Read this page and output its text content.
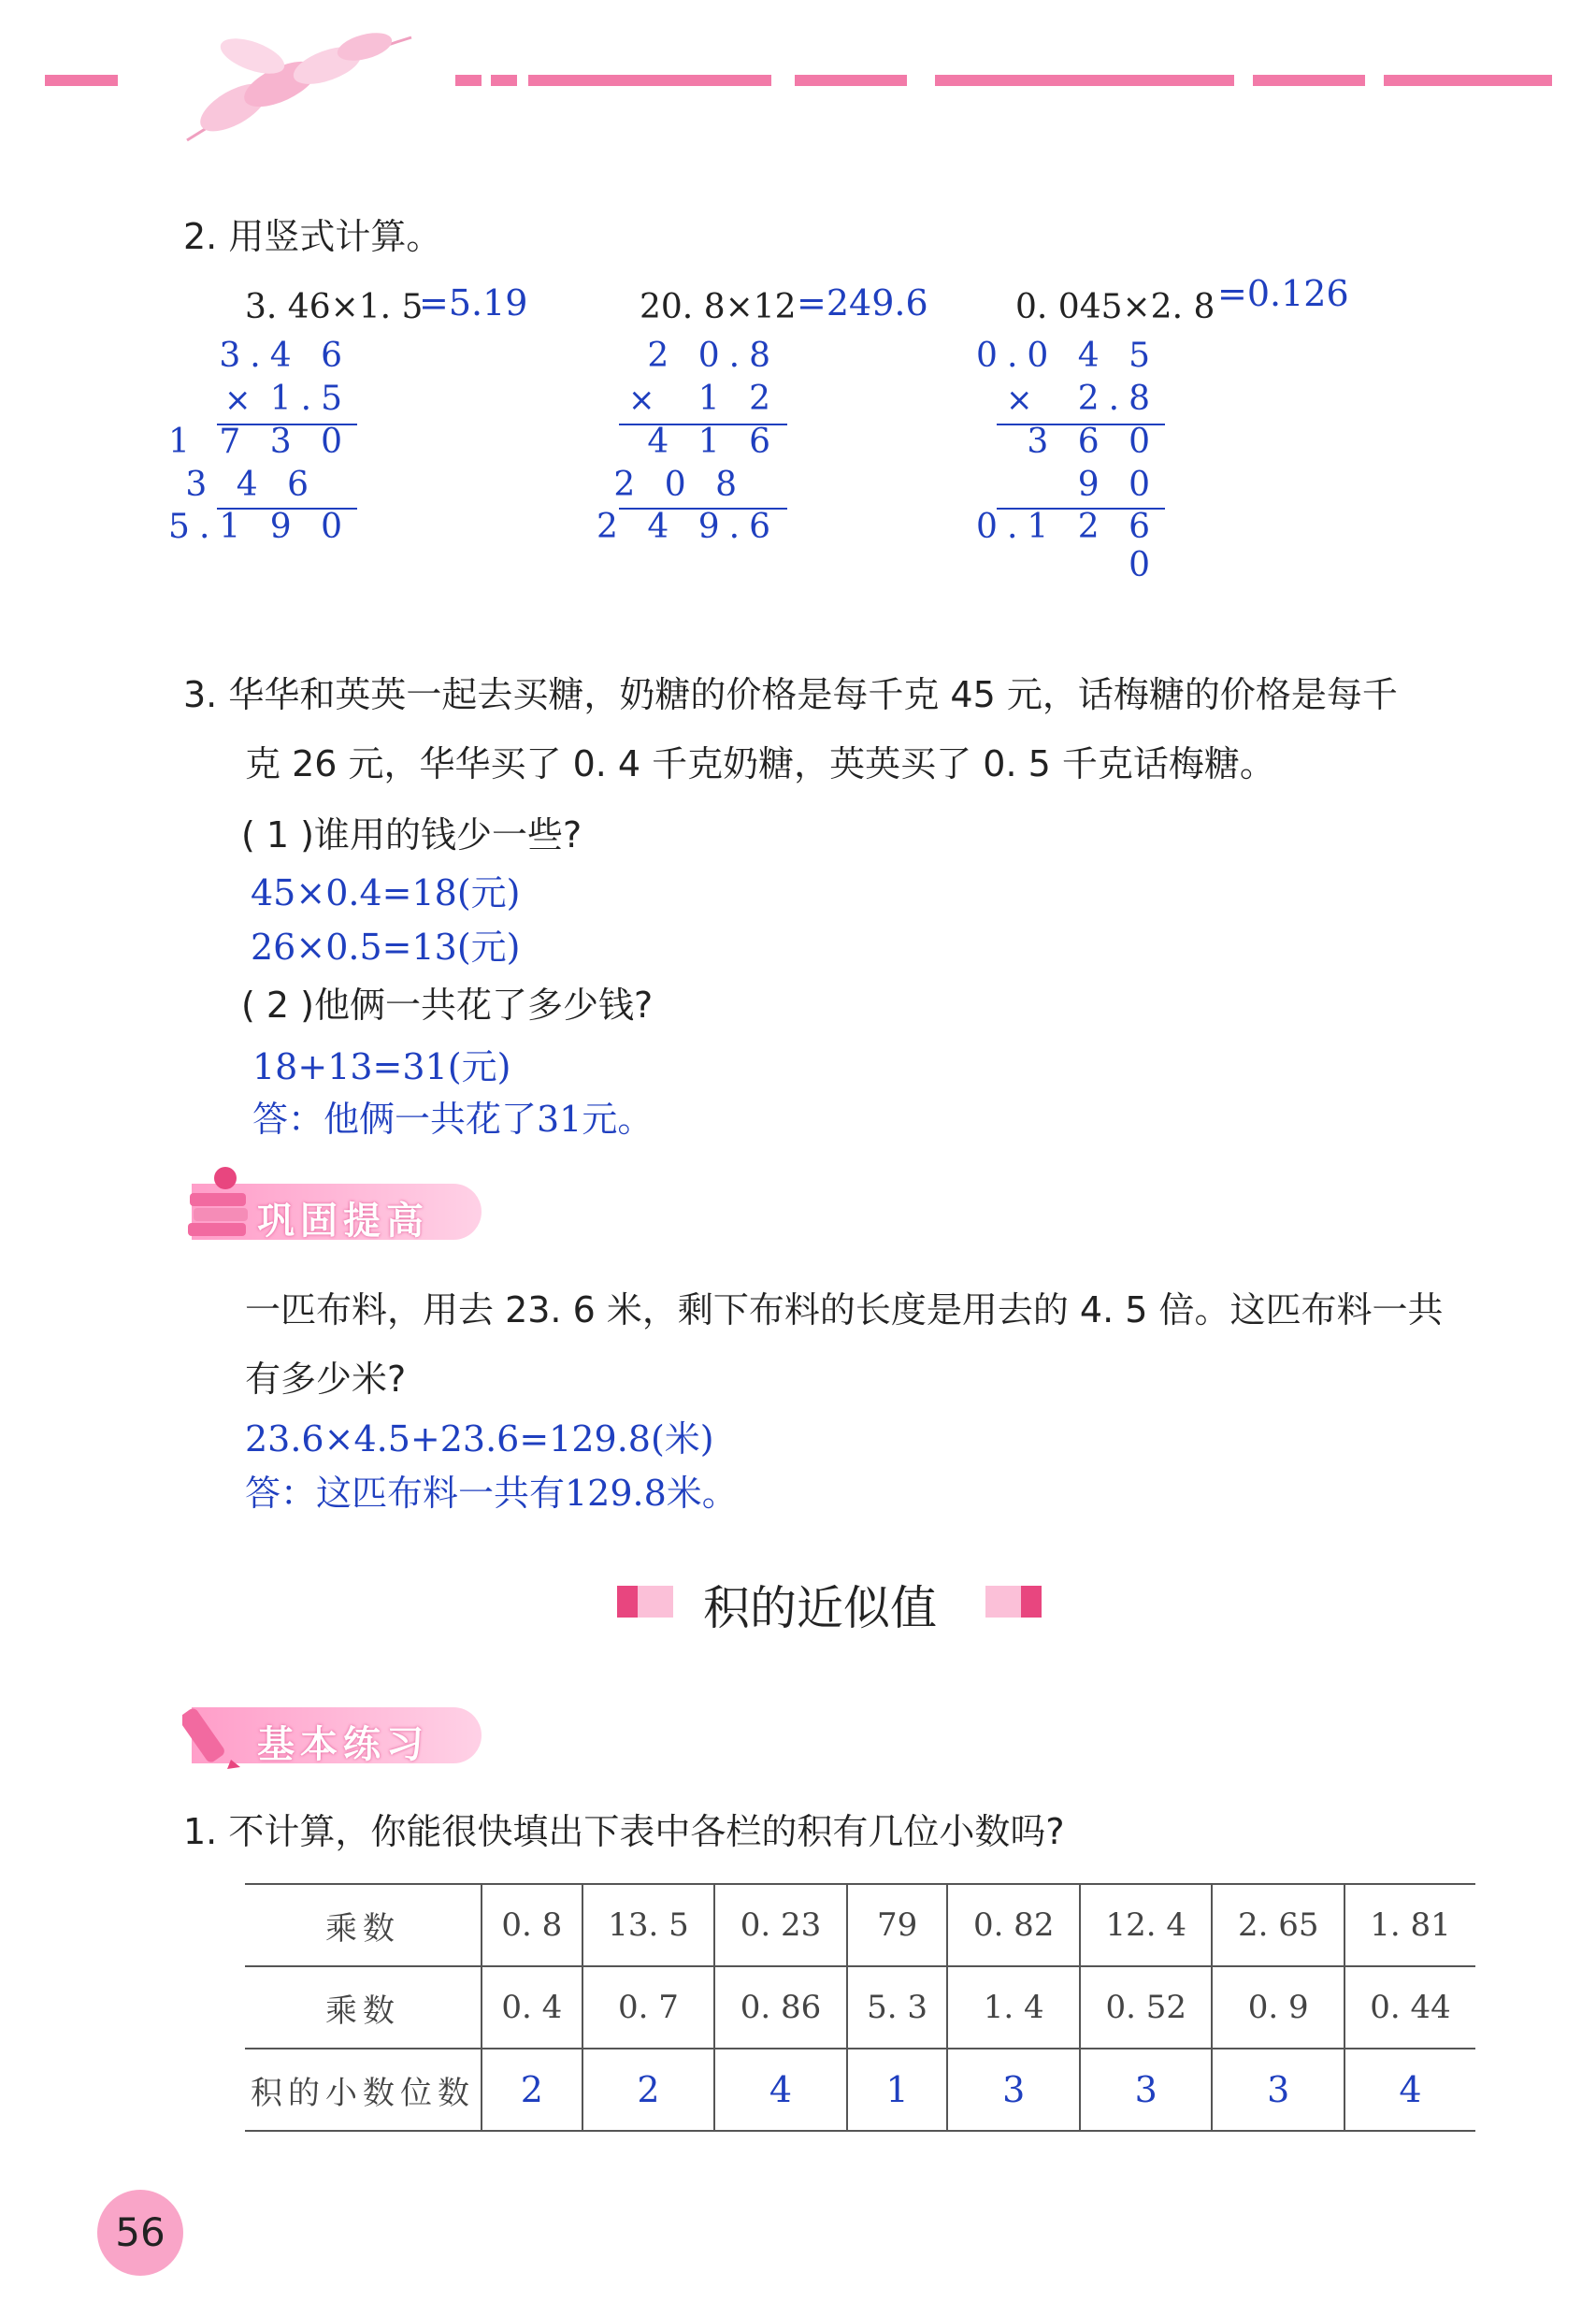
2. 用竖式计算。
3. 46×1. 5
=5.19
3.4 6
× 1.5
1 7 3 0
3 4 6
5.1 9 0
20. 8×12 =249.6
2 0.8
×	1 2
4 1 6
2 0 8
2 4 9.6
0. 045×2. 8 =0.126
0.0 4 5
×	2.8
3 6 0
9 0
0.1 2 6 0
3. 华华和英英一起去买糖，奶糖的价格是每千克 45 元，话梅糖的价格是每千
克 26 元，华华买了 0. 4 千克奶糖，英英买了 0. 5 千克话梅糖。
( 1 )谁用的钱少一些?
45×0.4=18(元)
26×0.5=13(元)
( 2 )他俩一共花了多少钱?
18+13=31(元)
答：他俩一共花了31元。
巩固提高
一匹布料，用去 23. 6 米，剩下布料的长度是用去的 4. 5 倍。这匹布料一共
有多少米?
23.6×4.5+23.6=129.8(米)
答：这匹布料一共有129.8米。
积的近似值
基本练习
1. 不计算，你能很快填出下表中各栏的积有几位小数吗?
乘数	0. 8	13. 5	0. 23	79	0. 82	12. 4	2. 65	1. 81
乘数	0. 4	0. 7	0. 86	5. 3	1. 4	0. 52	0. 9	0. 44
积的小数位数	2	2	4	1	3	3	3	4
56
